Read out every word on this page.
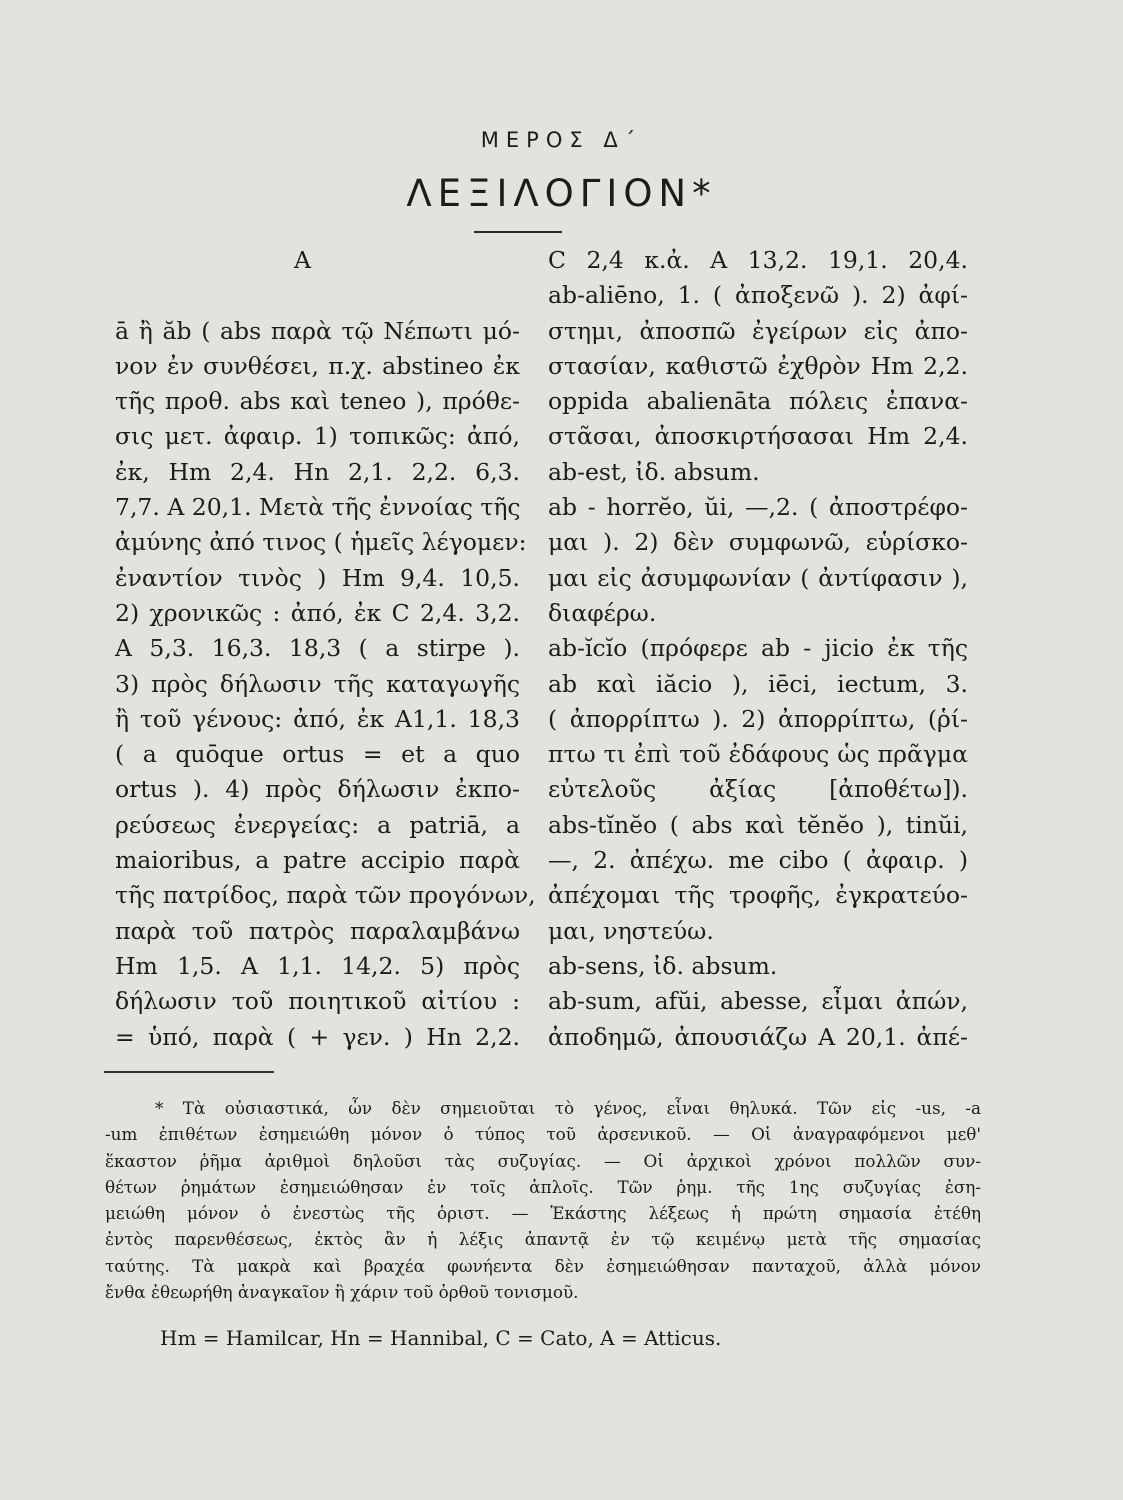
ΜΕΡΟΣ Δ΄
ΛΕΞΙΛΟΓΙΟΝ*
A
ā ἢ ăb ( abs παρὰ τῷ Νέπωτι μό-
νον ἐν συνθέσει, π.χ. abstineo ἐκ
τῆς προθ. abs καὶ teneo ), πρόθε-
σις μετ. ἀφαιρ. 1) τοπικῶς: ἀπό,
ἐκ, Hm 2,4. Hn 2,1. 2,2. 6,3.
7,7. A 20,1. Μετὰ τῆς ἐννοίας τῆς
ἀμύνης ἀπό τινος ( ἡμεῖς λέγομεν:
ἐναντίον τινὸς ) Hm 9,4. 10,5.
2) χρονικῶς : ἀπό, ἐκ C 2,4. 3,2.
A 5,3. 16,3. 18,3 ( a stirpe ).
3) πρὸς δήλωσιν τῆς καταγωγῆς
ἢ τοῦ γένους: ἀπό, ἐκ A1,1. 18,3
( a quōque ortus = et a quo
ortus ). 4) πρὸς δήλωσιν ἐκπο-
ρεύσεως ἐνεργείας: a patriā, a
maioribus, a patre accipio παρὰ
τῆς πατρίδος, παρὰ τῶν προγόνων,
παρὰ τοῦ πατρὸς παραλαμβάνω
Hm 1,5. A 1,1. 14,2. 5) πρὸς
δήλωσιν τοῦ ποιητικοῦ αἰτίου :
= ὑπό, παρὰ ( + γεν. ) Hn 2,2.
C 2,4 κ.ἀ. A 13,2. 19,1. 20,4.
ab-aliēno, 1. ( ἀποξενῶ ). 2) ἀφί-
στημι, ἀποσπῶ ἐγείρων εἰς ἀπο-
στασίαν, καθιστῶ ἐχθρὸν Hm 2,2.
oppida abalienāta πόλεις ἐπανα-
στᾶσαι, ἀποσκιρτήσασαι Hm 2,4.
ab-est, ἰδ. absum.
ab - horrĕo, ŭi, —,2. ( ἀποστρέφο-
μαι ). 2) δὲν συμφωνῶ, εὑρίσκο-
μαι εἰς ἀσυμφωνίαν ( ἀντίφασιν ),
διαφέρω.
ab-ĭcĭo (πρόφερε ab - jicio ἐκ τῆς
ab καὶ iăcio ), iēci, iectum, 3.
( ἀπορρίπτω ). 2) ἀπορρίπτω, (ῥί-
πτω τι ἐπὶ τοῦ ἐδάφους ὡς πρᾶγμα
εὐτελοῦς ἀξίας [ἀποθέτω]).
abs-tĭnĕo ( abs καὶ tĕnĕo ), tinŭi,
—, 2. ἀπέχω. me cibo ( ἀφαιρ. )
ἀπέχομαι τῆς τροφῆς, ἐγκρατεύο-
μαι, νηστεύω.
ab-sens, ἰδ. absum.
ab-sum, afŭi, abesse, εἶμαι ἀπών,
ἀποδημῶ, ἀπουσιάζω A 20,1. ἀπέ-
* Τὰ οὐσιαστικά, ὧν δὲν σημειοῦται τὸ γένος, εἶναι θηλυκά. Τῶν εἰς -us, -a
-um ἐπιθέτων ἐσημειώθη μόνον ὁ τύπος τοῦ ἀρσενικοῦ. — Οἱ ἀναγραφόμενοι μεθ'
ἕκαστον ῥῆμα ἀριθμοὶ δηλοῦσι τὰς συζυγίας. — Οἱ ἀρχικοὶ χρόνοι πολλῶν συν-
θέτων ῥημάτων ἐσημειώθησαν ἐν τοῖς ἁπλοῖς. Τῶν ῥημ. τῆς 1ης συζυγίας ἐση-
μειώθη μόνον ὁ ἐνεστὼς τῆς ὁριστ. — Ἑκάστης λέξεως ἡ πρώτη σημασία ἐτέθη
ἐντὸς παρενθέσεως, ἐκτὸς ἂν ἡ λέξις ἀπαντᾷ ἐν τῷ κειμένῳ μετὰ τῆς σημασίας
ταύτης. Τὰ μακρὰ καὶ βραχέα φωνήεντα δὲν ἐσημειώθησαν πανταχοῦ, ἀλλὰ μόνον
ἔνθα ἐθεωρήθη ἀναγκαῖον ἢ χάριν τοῦ ὀρθοῦ τονισμοῦ.
Hm = Hamilcar, Hn = Hannibal, C = Cato, A = Atticus.
